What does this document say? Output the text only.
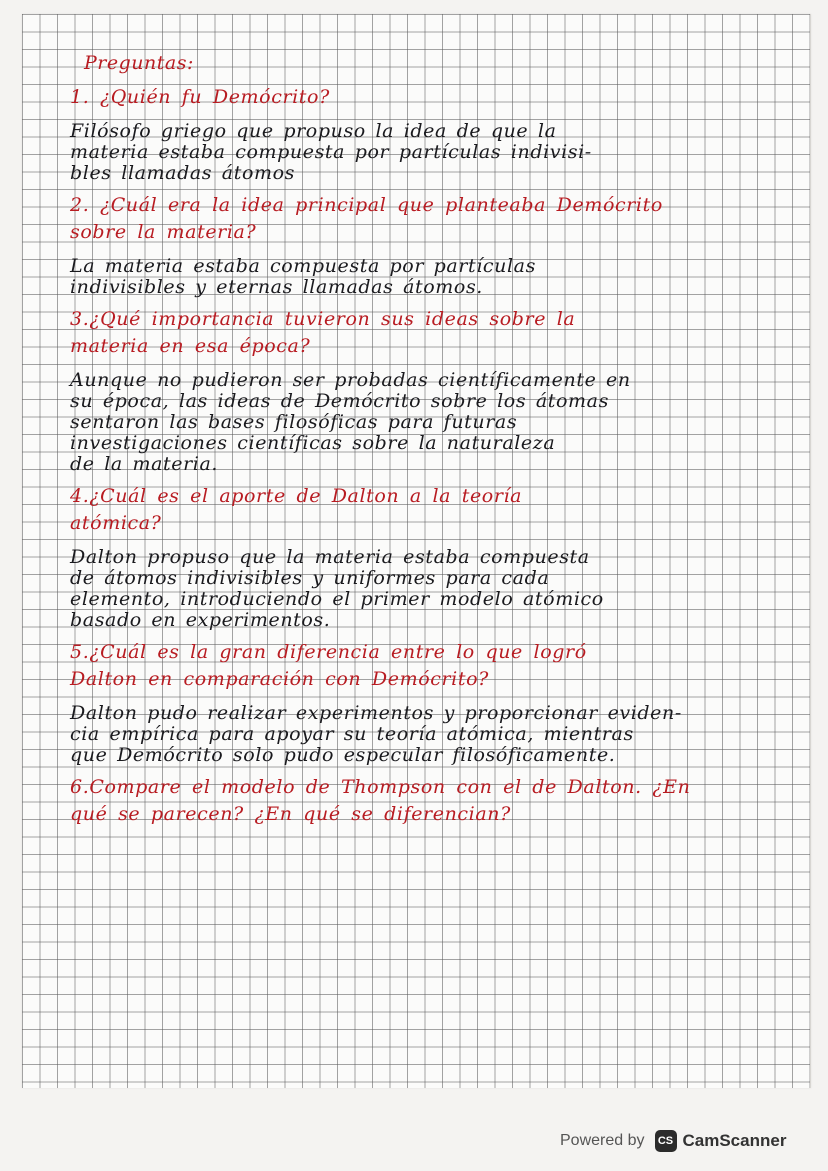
Preguntas:
1. ¿Quién fu Demócrito?
Filósofo griego que propuso la idea de que la
materia estaba compuesta por partículas indivisi-
bles llamadas átomos
2. ¿Cuál era la idea principal que planteaba Demócrito
sobre la materia?
La materia estaba compuesta por partículas
indivisibles y eternas llamadas átomos.
3.¿Qué importancia tuvieron sus ideas sobre la
materia en esa época?
Aunque no pudieron ser probadas científicamente en
su época, las ideas de Demócrito sobre los átomas
sentaron las bases filosóficas para futuras
investigaciones científicas sobre la naturaleza
de la materia.
4.¿Cuál es el aporte de Dalton a la teoría
atómica?
Dalton propuso que la materia estaba compuesta
de átomos indivisibles y uniformes para cada
elemento, introduciendo el primer modelo atómico
basado en experimentos.
5.¿Cuál es la gran diferencia entre lo que logró
Dalton en comparación con Demócrito?
Dalton pudo realizar experimentos y proporcionar eviden-
cia empírica para apoyar su teoría atómica, mientras
que Demócrito solo pudo especular filosóficamente.
6.Compare el modelo de Thompson con el de Dalton. ¿En
qué se parecen? ¿En qué se diferencian?
Powered by	CS CamScanner
